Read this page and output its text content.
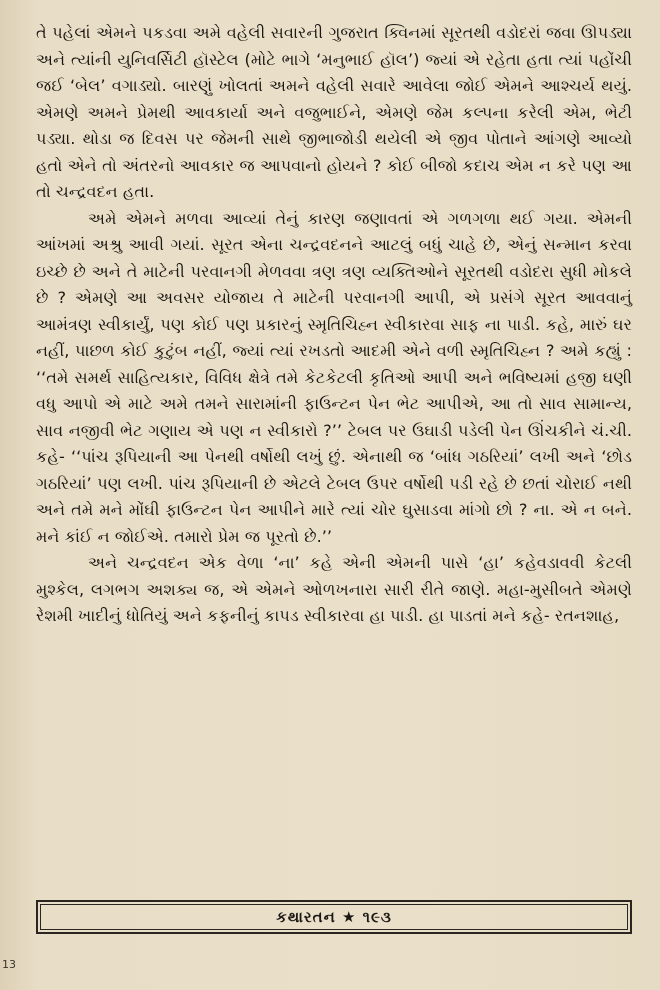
તે પહેલાં એમને પકડવા અમે વહેલી સવારની ગુજરાત ક્વિનમાં સૂરતથી વડોદરાં જવા ઊપડ્યા અને ત્યાંની યુનિવર્સિટી હૉસ્ટેલ (મોટે ભાગે ‘મનુભાઈ હૉલ’) જ્યાં એ રહેતા હતા ત્યાં પહોંચી જઈ ‘બેલ’ વગાડ્યો. બારણું ખોલતાં અમને વહેલી સવારે આવેલા જોઈ એમને આશ્ચર્ય થયું. એમણે અમને પ્રેમથી આવકાર્યા અને વજુભાઈને, એમણે જેમ કલ્પના કરેલી એમ, ભેટી પડ્યા. થોડા જ દિવસ પર જેમની સાથે જીભાજોડી થયેલી એ જીવ પોતાને આંગણે આવ્યો હતો એને તો અંતરનો આવકાર જ આપવાનો હોયને ? કોઈ બીજો કદાચ એમ ન કરે પણ આ તો ચન્દ્રવદન હતા.

અમે એમને મળવા આવ્યાં તેનું કારણ જણાવતાં એ ગળગળા થઈ ગયા. એમની આંખમાં અશ્રુ આવી ગયાં. સૂરત એના ચન્દ્રવદનને આટલું બધું ચાહે છે, એનું સન્માન કરવા ઇચ્છે છે અને તે માટેની પરવાનગી મેળવવા ત્રણ ત્રણ વ્યક્તિઓને સૂરતથી વડોદરા સુધી મોકલે છે ? એમણે આ અવસર યોજાય તે માટેની પરવાનગી આપી, એ પ્રસંગે સૂરત આવવાનું આમંત્રણ સ્વીકાર્યું, પણ કોઈ પણ પ્રકારનું સ્મૃતિચિહ્ન સ્વીકારવા સાફ ના પાડી. કહે, મારું ઘર નહીં, પાછળ કોઈ કુટુંબ નહીં, જ્યાં ત્યાં રખડતો આદમી એને વળી સ્મૃતિચિહ્ન ? અમે કહ્યું : ‘‘તમે સમર્થ સાહિત્યકાર, વિવિધ ક્ષેત્રે તમે કેટકેટલી કૃતિઓ આપી અને ભવિષ્યમાં હજી ઘણી વધુ આપો એ માટે અમે તમને સારામાંની ફાઉન્ટન પેન ભેટ આપીએ, આ તો સાવ સામાન્ય, સાવ નજીવી ભેટ ગણાય એ પણ ન સ્વીકારો ?’’ ટેબલ પર ઉઘાડી પડેલી પેન ઊંચકીને ચં.ચી. કહે- ‘‘પાંચ રૂપિયાની આ પેનથી વર્ષોથી લખું છું. એનાથી જ ‘બાંધ ગઠરિયાં’ લખી અને ‘છોડ ગઠરિયાં’ પણ લખી. પાંચ રૂપિયાની છે એટલે ટેબલ ઉપર વર્ષોથી પડી રહે છે છતાં ચોરાઈ નથી અને તમે મને મોંઘી ફાઉન્ટન પેન આપીને મારે ત્યાં ચોર ઘુસાડવા માંગો છો ? ના. એ ન બને. મને કાંઈ ન જોઈએ. તમારો પ્રેમ જ પૂરતો છે.’’

અને ચન્દ્રવદન એક વેળા ‘ના’ કહે એની એમની પાસે ‘હા’ કહેવડાવવી કેટલી મુશ્કેલ, લગભગ અશક્ય જ, એ એમને ઓળખનારા સારી રીતે જાણે. મહા-મુસીબતે એમણે રેશમી ખાદીનું ધોતિયું અને કફનીનું કાપડ સ્વીકારવા હા પાડી. હા પાડતાં મને કહે- રતનશાહ,

કથારતન ★ ૧૯૩
13
